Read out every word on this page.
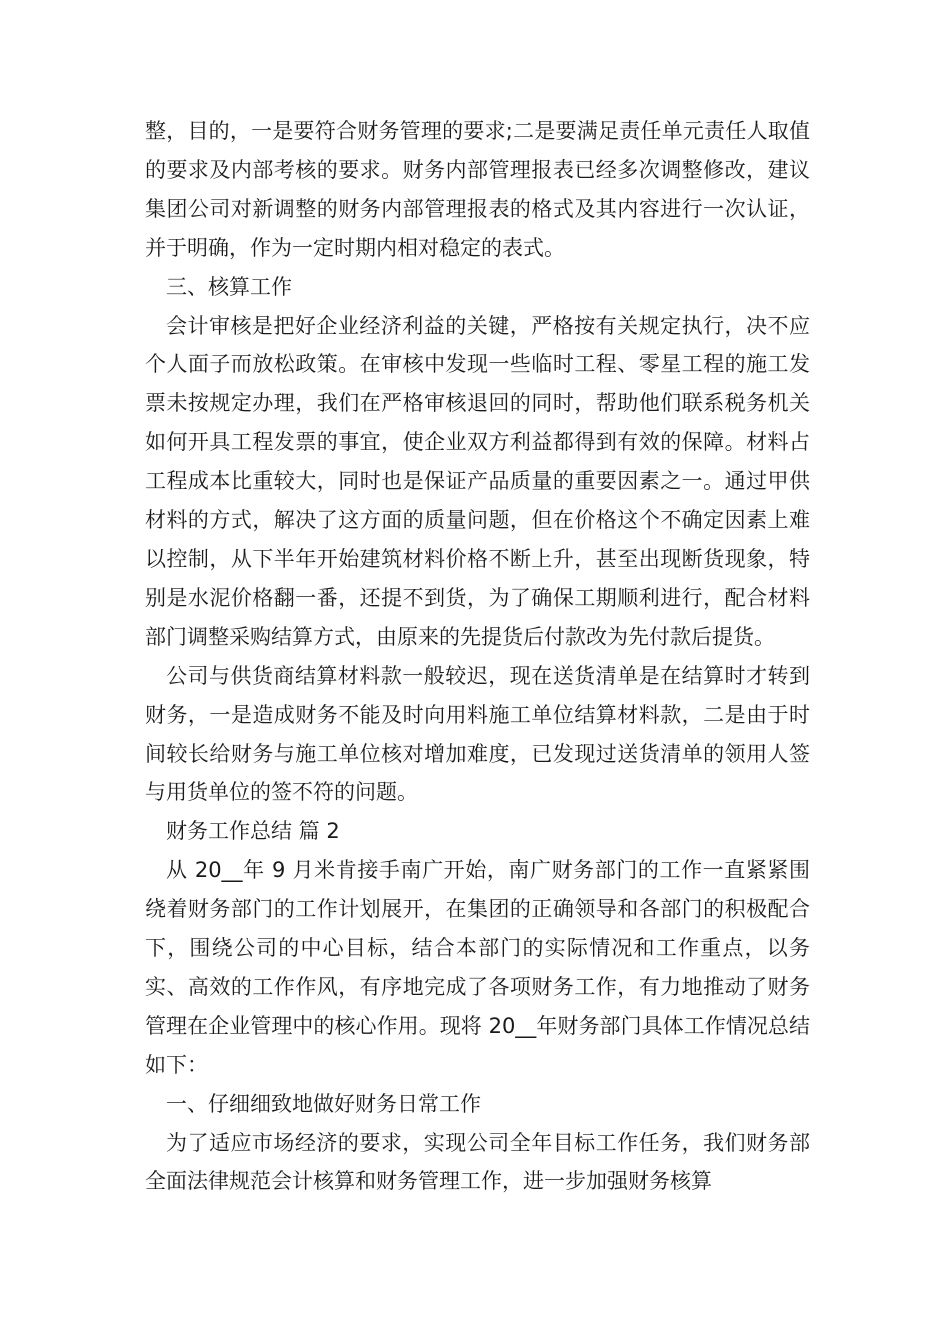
整，目的，一是要符合财务管理的要求;二是要满足责任单元责任人取值的要求及内部考核的要求。财务内部管理报表已经多次调整修改，建议集团公司对新调整的财务内部管理报表的格式及其内容进行一次认证，并于明确，作为一定时期内相对稳定的表式。

三、核算工作

会计审核是把好企业经济利益的关键，严格按有关规定执行，决不应个人面子而放松政策。在审核中发现一些临时工程、零星工程的施工发票未按规定办理，我们在严格审核退回的同时，帮助他们联系税务机关如何开具工程发票的事宜，使企业双方利益都得到有效的保障。材料占工程成本比重较大，同时也是保证产品质量的重要因素之一。通过甲供材料的方式，解决了这方面的质量问题，但在价格这个不确定因素上难以控制，从下半年开始建筑材料价格不断上升，甚至出现断货现象，特别是水泥价格翻一番，还提不到货，为了确保工期顺利进行，配合材料部门调整采购结算方式，由原来的先提货后付款改为先付款后提货。

公司与供货商结算材料款一般较迟，现在送货清单是在结算时才转到财务，一是造成财务不能及时向用料施工单位结算材料款，二是由于时间较长给财务与施工单位核对增加难度，已发现过送货清单的领用人签与用货单位的签不符的问题。

财务工作总结 篇 2

从 20__年 9 月米肯接手南广开始，南广财务部门的工作一直紧紧围绕着财务部门的工作计划展开，在集团的正确领导和各部门的积极配合下，围绕公司的中心目标，结合本部门的实际情况和工作重点，以务实、高效的工作作风，有序地完成了各项财务工作，有力地推动了财务管理在企业管理中的核心作用。现将 20__年财务部门具体工作情况总结如下：

一、仔细细致地做好财务日常工作

为了适应市场经济的要求，实现公司全年目标工作任务，我们财务部全面法律规范会计核算和财务管理工作，进一步加强财务核算
